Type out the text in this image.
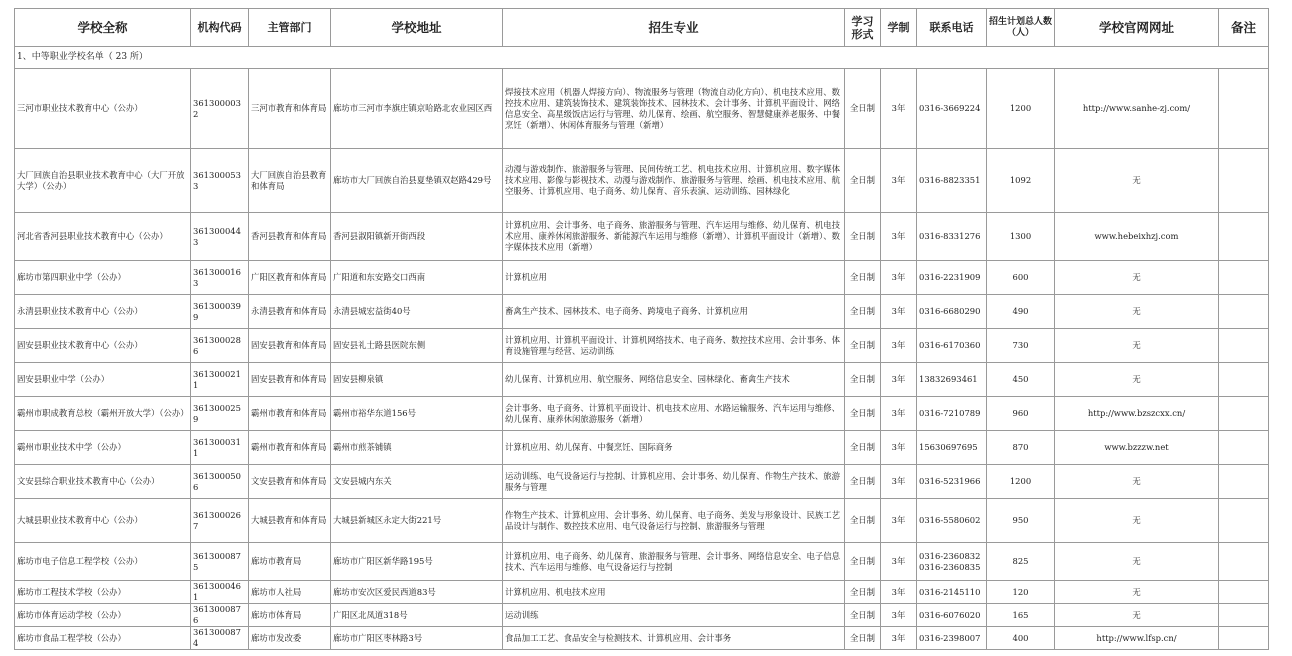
学校全称	机构代码	主管部门	学校地址	招生专业	学习形式	学制	联系电话	招生计划总人数（人）	学校官网网址	备注
1、中等职业学校名单（ 23 所）										
三河市职业技术教育中心（公办）	3613000032	三河市教育和体育局	廊坊市三河市李旗庄镇京哈路北农业园区西	焊接技术应用（机器人焊接方向）、物流服务与管理（物流自动化方向）、机电技术应用、数控技术应用、建筑装饰技术、建筑装饰技术、园林技术、会计事务、计算机平面设计、网络信息安全、高星级饭店运行与管理、幼儿保育、绘画、航空服务、智慧健康养老服务、中餐烹饪（新增）、休闲体育服务与管理（新增）	全日制	3年	0316-3669224	1200	http://www.sanhe-zj.com/	
大厂回族自治县职业技术教育中心（大厂开放大学）（公办）	3613000533	大厂回族自治县教育和体育局	廊坊市大厂回族自治县夏垫镇双赵路429号	动漫与游戏制作、旅游服务与管理、民间传统工艺、机电技术应用、计算机应用、数字媒体技术应用、影像与影视技术、动漫与游戏制作、旅游服务与管理、绘画、机电技术应用、航空服务、计算机应用、电子商务、幼儿保育、音乐表演、运动训练、园林绿化	全日制	3年	0316-8823351	1092	无	
河北省香河县职业技术教育中心（公办）	3613000443	香河县教育和体育局	香河县淑阳镇新开街西段	计算机应用、会计事务、电子商务、旅游服务与管理、汽车运用与维修、幼儿保育、机电技术应用、康养休闲旅游服务、新能源汽车运用与维修（新增）、计算机平面设计（新增）、数字媒体技术应用（新增）	全日制	3年	0316-8331276	1300	www.hebeixhzj.com	
廊坊市第四职业中学（公办）	3613000163	广阳区教育和体育局	广阳道和东安路交口西南	计算机应用	全日制	3年	0316-2231909	600	无	
永清县职业技术教育中心（公办）	3613000399	永清县教育和体育局	永清县城宏益街40号	畜禽生产技术、园林技术、电子商务、跨境电子商务、计算机应用	全日制	3年	0316-6680290	490	无	
固安县职业技术教育中心（公办）	3613000286	固安县教育和体育局	固安县礼士路县医院东侧	计算机应用、计算机平面设计、计算机网络技术、电子商务、数控技术应用、会计事务、体育设施管理与经营、运动训练	全日制	3年	0316-6170360	730	无	
固安县职业中学（公办）	3613000211	固安县教育和体育局	固安县柳泉镇	幼儿保育、计算机应用、航空服务、网络信息安全、园林绿化、畜禽生产技术	全日制	3年	13832693461	450	无	
霸州市职成教育总校（霸州开放大学）（公办）	3613000259	霸州市教育和体育局	霸州市裕华东道156号	会计事务、电子商务、计算机平面设计、机电技术应用、水路运输服务、汽车运用与维修、幼儿保育、康养休闲旅游服务（新增）	全日制	3年	0316-7210789	960	http://www.bzszcxx.cn/	
霸州市职业技术中学（公办）	3613000311	霸州市教育和体育局	霸州市煎茶铺镇	计算机应用、幼儿保育、中餐烹饪、国际商务	全日制	3年	15630697695	870	www.bzzzw.net	
文安县综合职业技术教育中心（公办）	3613000506	文安县教育和体育局	文安县城内东关	运动训练、电气设备运行与控制、计算机应用、会计事务、幼儿保育、作物生产技术、旅游服务与管理	全日制	3年	0316-5231966	1200	无	
大城县职业技术教育中心（公办）	3613000267	大城县教育和体育局	大城县新城区永定大街221号	作物生产技术、计算机应用、会计事务、幼儿保育、电子商务、美发与形象设计、民族工艺品设计与制作、数控技术应用、电气设备运行与控制、旅游服务与管理	全日制	3年	0316-5580602	950	无	
廊坊市电子信息工程学校（公办）	3613000875	廊坊市教育局	廊坊市广阳区新华路195号	计算机应用、电子商务、幼儿保育、旅游服务与管理、会计事务、网络信息安全、电子信息技术、汽车运用与维修、电气设备运行与控制	全日制	3年	0316-2360832 0316-2360835	825	无	
廊坊市工程技术学校（公办）	3613000461	廊坊市人社局	廊坊市安次区爱民西道83号	计算机应用、机电技术应用	全日制	3年	0316-2145110	120	无	
廊坊市体育运动学校（公办）	3613000876	廊坊市体育局	广阳区北凤道318号	运动训练	全日制	3年	0316-6076020	165	无	
廊坊市食品工程学校（公办）	3613000874	廊坊市发改委	廊坊市广阳区枣林路3号	食品加工工艺、食品安全与检测技术、计算机应用、会计事务	全日制	3年	0316-2398007	400	http://www.lfsp.cn/	
